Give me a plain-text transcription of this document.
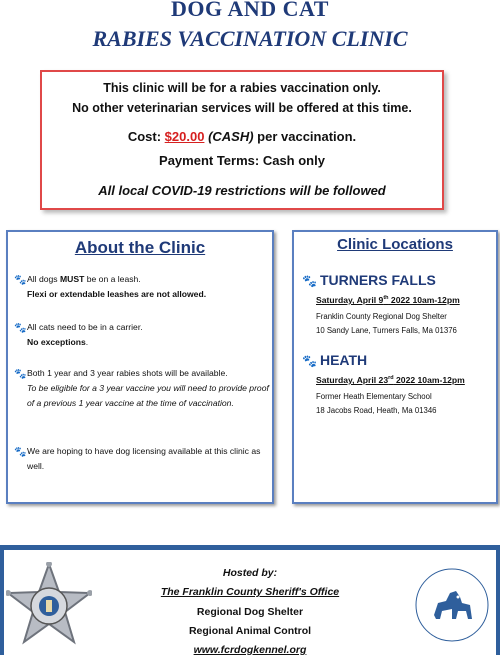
DOG AND CAT
RABIES VACCINATION CLINIC
This clinic will be for a rabies vaccination only.
No other veterinarian services will be offered at this time.
Cost: $20.00 (CASH) per vaccination.
Payment Terms: Cash only
All local COVID-19 restrictions will be followed
About the Clinic
🐾 All dogs MUST be on a leash.
Flexi or extendable leashes are not allowed.
🐾 All cats need to be in a carrier.
No exceptions.
🐾 Both 1 year and 3 year rabies shots will be available.
To be eligible for a 3 year vaccine you will need to provide proof of a previous 1 year vaccine at the time of vaccination.
🐾 We are hoping to have dog licensing available at this clinic as well.
Clinic Locations
🐾 TURNERS FALLS
Saturday, April 9th 2022 10am-12pm
Franklin County Regional Dog Shelter
10 Sandy Lane, Turners Falls, Ma 01376
🐾 HEATH
Saturday, April 23rd 2022 10am-12pm
Former Heath Elementary School
18 Jacobs Road, Heath, Ma 01346
Hosted by:
The Franklin County Sheriff's Office
Regional Dog Shelter
Regional Animal Control
www.fcrdogkennel.org
